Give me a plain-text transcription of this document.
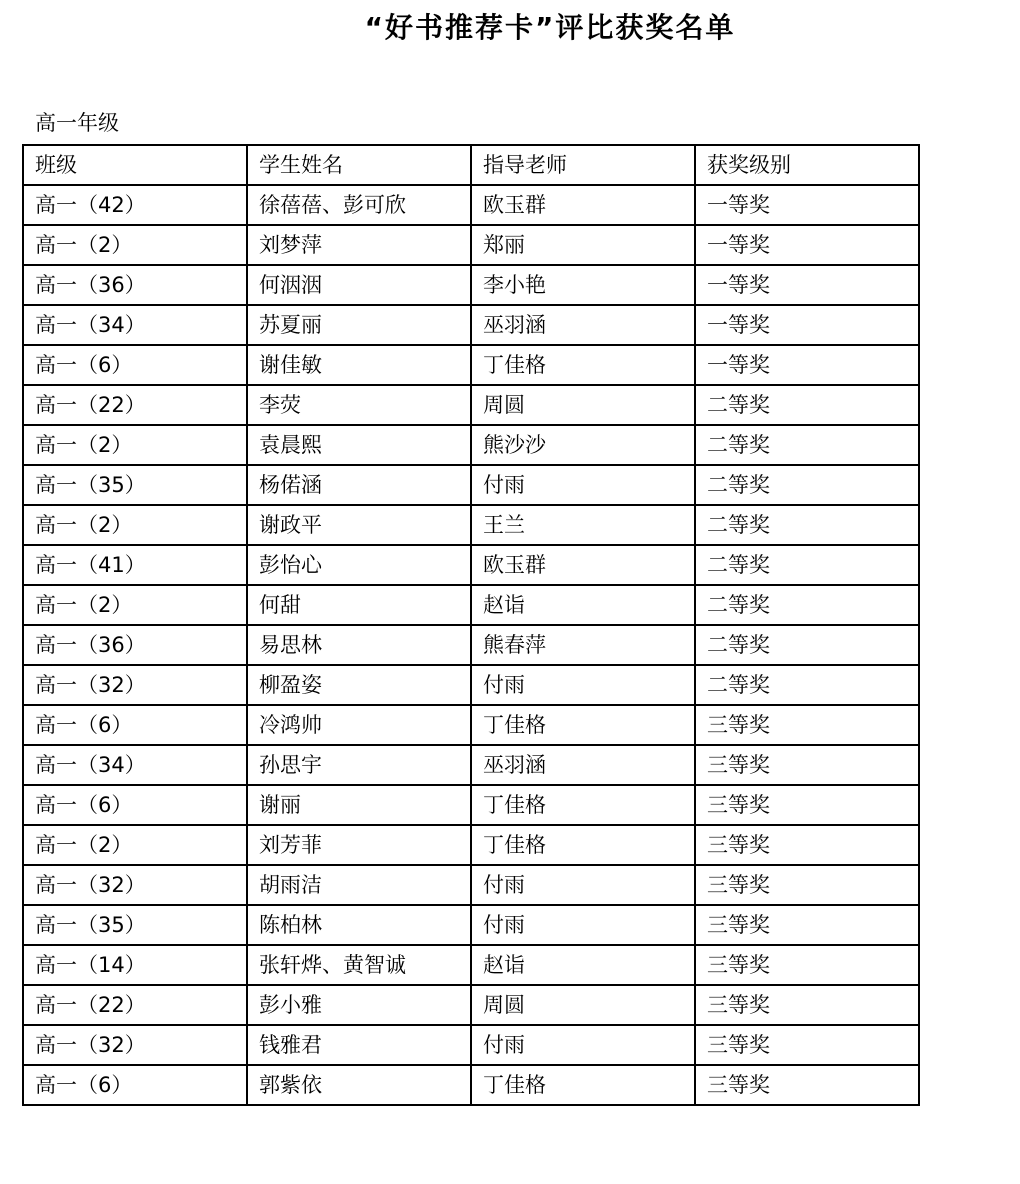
“好书推荐卡”评比获奖名单
高一年级
班级	学生姓名	指导老师	获奖级别
高一（42）	徐蓓蓓、彭可欣	欧玉群	一等奖
高一（2）	刘梦萍	郑丽	一等奖
高一（36）	何洇洇	李小艳	一等奖
高一（34）	苏夏丽	巫羽涵	一等奖
高一（6）	谢佳敏	丁佳格	一等奖
高一（22）	李荧	周圆	二等奖
高一（2）	袁晨熙	熊沙沙	二等奖
高一（35）	杨偌涵	付雨	二等奖
高一（2）	谢政平	王兰	二等奖
高一（41）	彭怡心	欧玉群	二等奖
高一（2）	何甜	赵诣	二等奖
高一（36）	易思林	熊春萍	二等奖
高一（32）	柳盈姿	付雨	二等奖
高一（6）	冷鸿帅	丁佳格	三等奖
高一（34）	孙思宇	巫羽涵	三等奖
高一（6）	谢丽	丁佳格	三等奖
高一（2）	刘芳菲	丁佳格	三等奖
高一（32）	胡雨洁	付雨	三等奖
高一（35）	陈柏林	付雨	三等奖
高一（14）	张轩烨、黄智诚	赵诣	三等奖
高一（22）	彭小雅	周圆	三等奖
高一（32）	钱雅君	付雨	三等奖
高一（6）	郭紫依	丁佳格	三等奖
